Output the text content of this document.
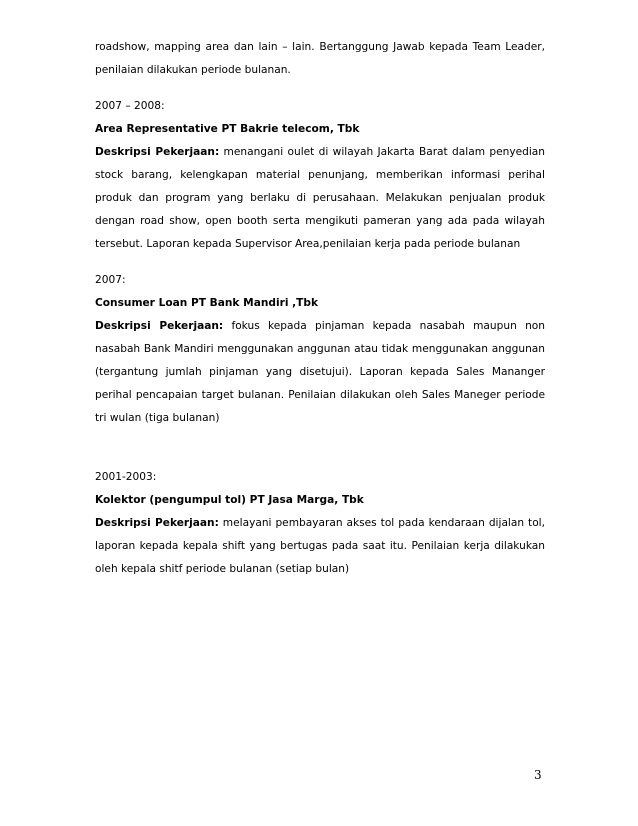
roadshow, mapping area dan lain – lain. Bertanggung Jawab kepada Team Leader, penilaian dilakukan periode bulanan.

2007 – 2008:

Area Representative PT Bakrie telecom, Tbk

Deskripsi Pekerjaan: menangani oulet di wilayah Jakarta Barat dalam penyedian stock barang, kelengkapan material penunjang, memberikan informasi perihal produk dan program yang berlaku di perusahaan. Melakukan penjualan produk dengan road show, open booth serta mengikuti pameran yang ada pada wilayah tersebut. Laporan kepada Supervisor Area,penilaian kerja pada periode bulanan

2007:

Consumer Loan PT Bank Mandiri ,Tbk

Deskripsi Pekerjaan: fokus kepada pinjaman kepada nasabah maupun non nasabah Bank Mandiri menggunakan anggunan atau tidak menggunakan anggunan (tergantung jumlah pinjaman yang disetujui). Laporan kepada Sales Mananger perihal pencapaian target bulanan. Penilaian dilakukan oleh Sales Maneger periode tri wulan (tiga bulanan)

2001-2003:

Kolektor (pengumpul tol) PT Jasa Marga, Tbk

Deskripsi Pekerjaan: melayani pembayaran akses tol pada kendaraan dijalan tol, laporan kepada kepala shift yang bertugas pada saat itu. Penilaian kerja dilakukan oleh kepala shitf periode bulanan (setiap bulan)

3
